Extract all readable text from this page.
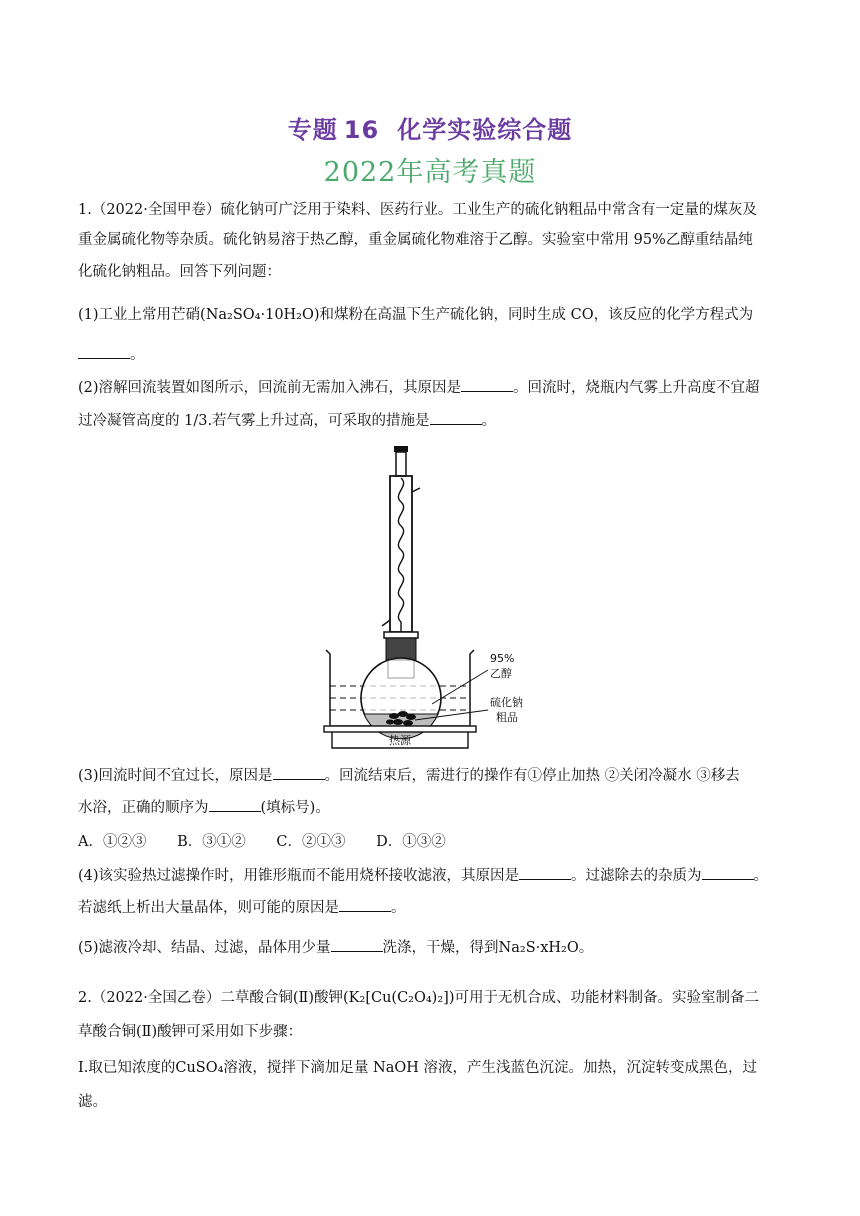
专题 16 化学实验综合题
2022年高考真题
1.（2022·全国甲卷）硫化钠可广泛用于染料、医药行业。工业生产的硫化钠粗品中常含有一定量的煤灰及
重金属硫化物等杂质。硫化钠易溶于热乙醇，重金属硫化物难溶于乙醇。实验室中常用 95%乙醇重结晶纯
化硫化钠粗品。回答下列问题：
(1)工业上常用芒硝(Na₂SO₄·10H₂O)和煤粉在高温下生产硫化钠，同时生成 CO，该反应的化学方程式为
。
(2)溶解回流装置如图所示，回流前无需加入沸石，其原因是	。回流时，烧瓶内气雾上升高度不宜超
过冷凝管高度的 1/3.若气雾上升过高，可采取的措施是	。
热源
95%
乙醇
硫化钠
粗品
(3)回流时间不宜过长，原因是	。回流结束后，需进行的操作有①停止加热 ②关闭冷凝水 ③移去
水浴，正确的顺序为	(填标号)。
A．①②③ B．③①② C．②①③ D．①③②
(4)该实验热过滤操作时，用锥形瓶而不能用烧杯接收滤液，其原因是	。过滤除去的杂质为	。
若滤纸上析出大量晶体，则可能的原因是	。
(5)滤液冷却、结晶、过滤，晶体用少量	洗涤，干燥，得到Na₂S·xH₂O。
2.（2022·全国乙卷）二草酸合铜(Ⅱ)酸钾(K₂[Cu(C₂O₄)₂])可用于无机合成、功能材料制备。实验室制备二
草酸合铜(Ⅱ)酸钾可采用如下步骤：
Ⅰ.取已知浓度的CuSO₄溶液，搅拌下滴加足量 NaOH 溶液，产生浅蓝色沉淀。加热，沉淀转变成黑色，过
滤。
